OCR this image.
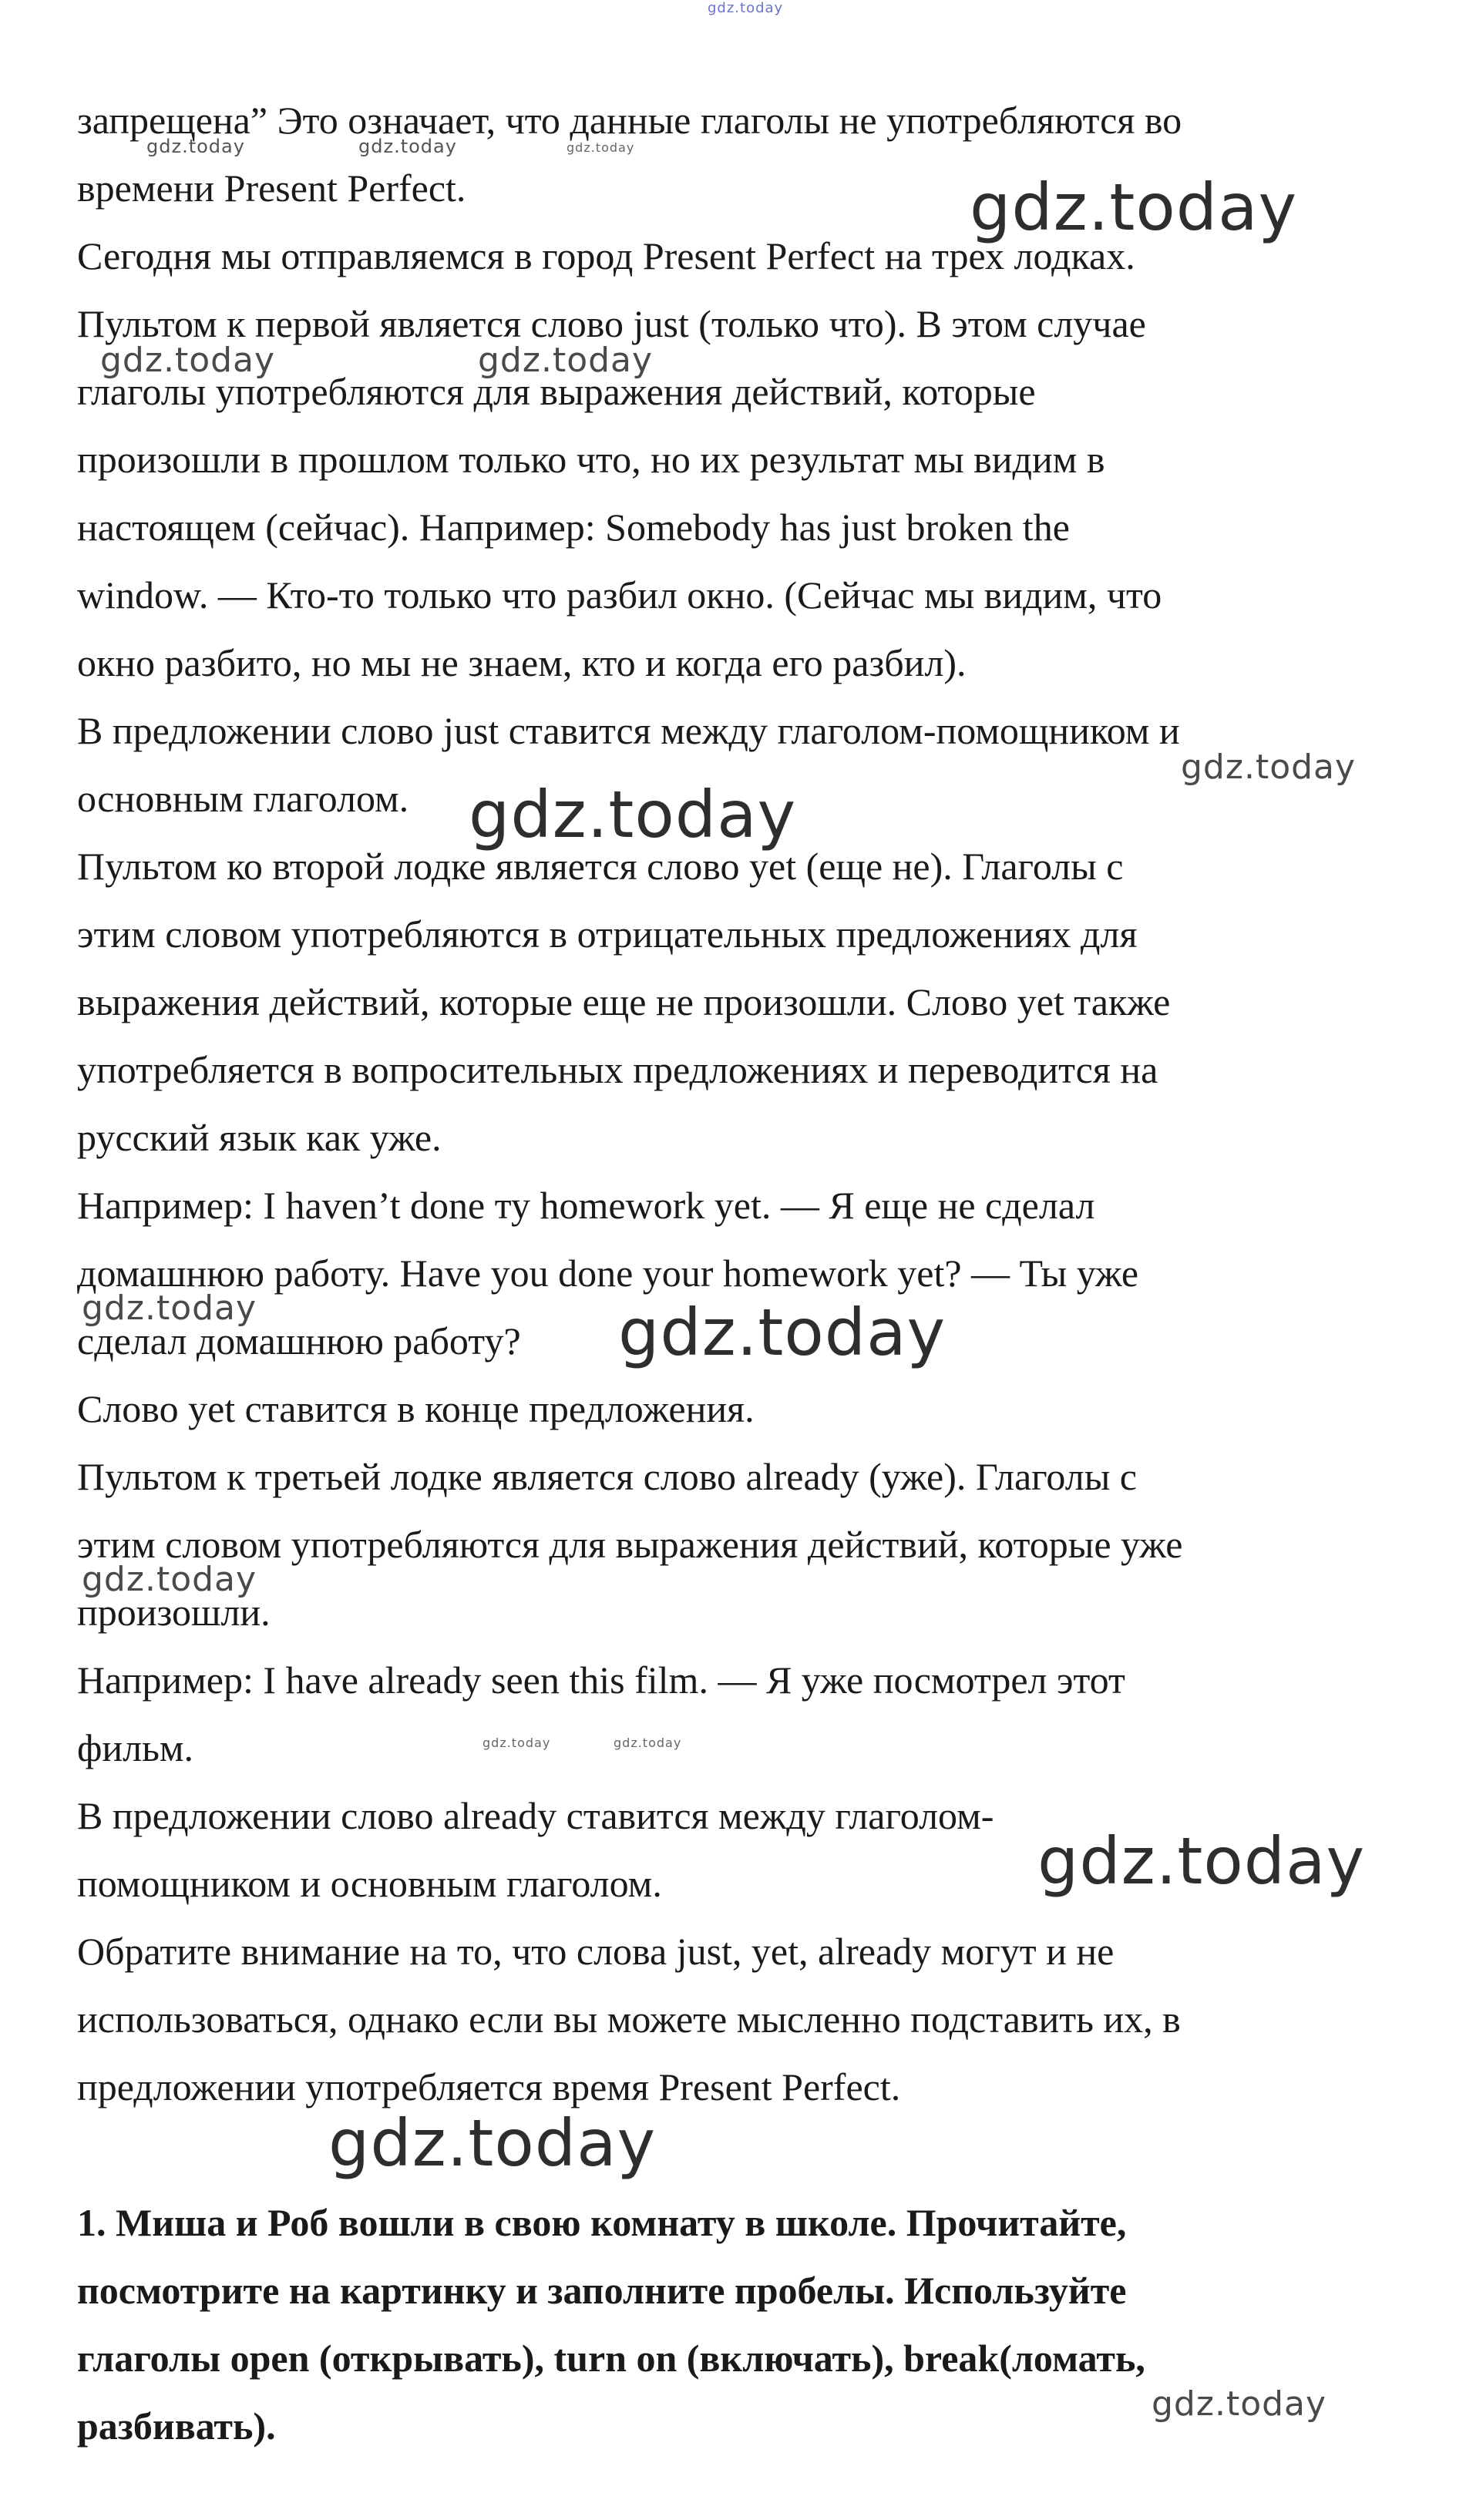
запрещена” Это означает, что данные глаголы не употребляются во
времени Present Perfect.
Сегодня мы отправляемся в город Present Perfect на трех лодках.
Пультом к первой является слово just (только что). В этом случае
глаголы употребляются для выражения действий, которые
произошли в прошлом только что, но их результат мы видим в
настоящем (сейчас). Например: Somebody has just broken the
window. — Кто-то только что разбил окно. (Сейчас мы видим, что
окно разбито, но мы не знаем, кто и когда его разбил).
В предложении слово just ставится между глаголом-помощником и
основным глаголом.
Пультом ко второй лодке является слово yet (еще не). Глаголы с
этим словом употребляются в отрицательных предложениях для
выражения действий, которые еще не произошли. Слово yet также
употребляется в вопросительных предложениях и переводится на
русский язык как уже.
Например: I haven’t done ту homework yet. — Я еще не сделал
домашнюю работу. Have you done your homework yet? — Ты уже
сделал домашнюю работу?
Слово yet ставится в конце предложения.
Пультом к третьей лодке является слово already (уже). Глаголы с
этим словом употребляются для выражения действий, которые уже
произошли.
Например: I have already seen this film. — Я уже посмотрел этот
фильм.
В предложении слово already ставится между глаголом-
помощником и основным глаголом.
Обратите внимание на то, что слова just, yet, already могут и не
использоваться, однако если вы можете мысленно подставить их, в
предложении употребляется время Present Perfect.
1. Миша и Роб вошли в свою комнату в школе. Прочитайте,
посмотрите на картинку и заполните пробелы. Используйте
глаголы open (открывать), turn on (включать), break(ломать,
разбивать).
gdz.today
gdz.today	gdz.today	gdz.today
gdz.today
gdz.today	gdz.today
gdz.today
gdz.today
gdz.today	gdz.today
gdz.today
gdz.today	gdz.today
gdz.today
gdz.today
gdz.today
